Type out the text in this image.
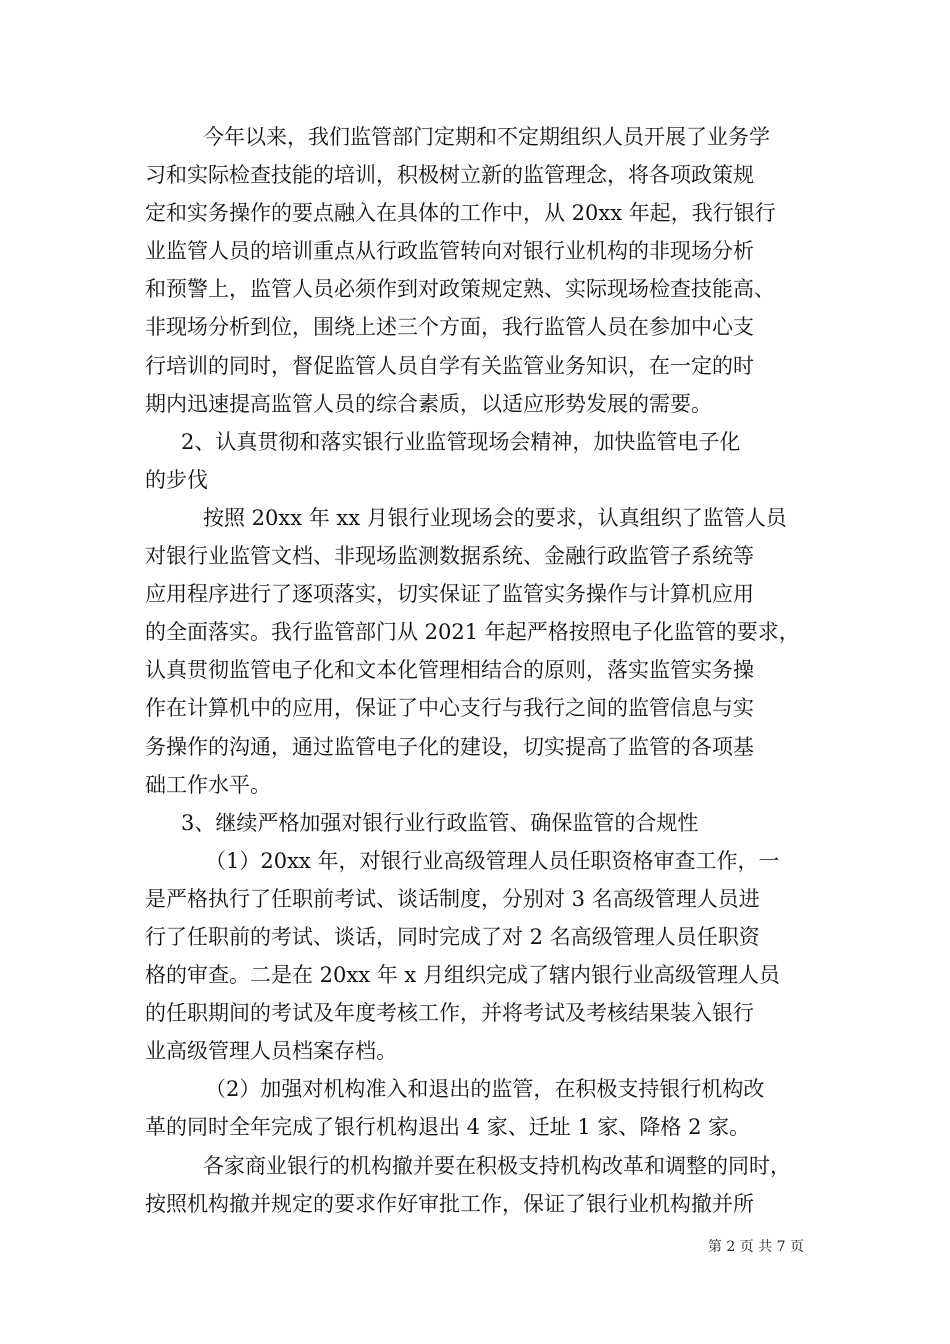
今年以来，我们监管部门定期和不定期组织人员开展了业务学
习和实际检查技能的培训，积极树立新的监管理念，将各项政策规
定和实务操作的要点融入在具体的工作中，从 20xx 年起，我行银行
业监管人员的培训重点从行政监管转向对银行业机构的非现场分析
和预警上，监管人员必须作到对政策规定熟、实际现场检查技能高、
非现场分析到位，围绕上述三个方面，我行监管人员在参加中心支
行培训的同时，督促监管人员自学有关监管业务知识，在一定的时
期内迅速提高监管人员的综合素质，以适应形势发展的需要。
2、认真贯彻和落实银行业监管现场会精神，加快监管电子化
的步伐
按照 20xx 年 xx 月银行业现场会的要求，认真组织了监管人员
对银行业监管文档、非现场监测数据系统、金融行政监管子系统等
应用程序进行了逐项落实，切实保证了监管实务操作与计算机应用
的全面落实。我行监管部门从 2021 年起严格按照电子化监管的要求，
认真贯彻监管电子化和文本化管理相结合的原则，落实监管实务操
作在计算机中的应用，保证了中心支行与我行之间的监管信息与实
务操作的沟通，通过监管电子化的建设，切实提高了监管的各项基
础工作水平。
3、继续严格加强对银行业行政监管、确保监管的合规性
（1）20xx 年，对银行业高级管理人员任职资格审查工作，一
是严格执行了任职前考试、谈话制度，分别对 3 名高级管理人员进
行了任职前的考试、谈话，同时完成了对 2 名高级管理人员任职资
格的审查。二是在 20xx 年 x 月组织完成了辖内银行业高级管理人员
的任职期间的考试及年度考核工作，并将考试及考核结果装入银行
业高级管理人员档案存档。
（2）加强对机构准入和退出的监管，在积极支持银行机构改
革的同时全年完成了银行机构退出 4 家、迁址 1 家、降格 2 家。
各家商业银行的机构撤并要在积极支持机构改革和调整的同时，
按照机构撤并规定的要求作好审批工作，保证了银行业机构撤并所
第 2 页 共 7 页
